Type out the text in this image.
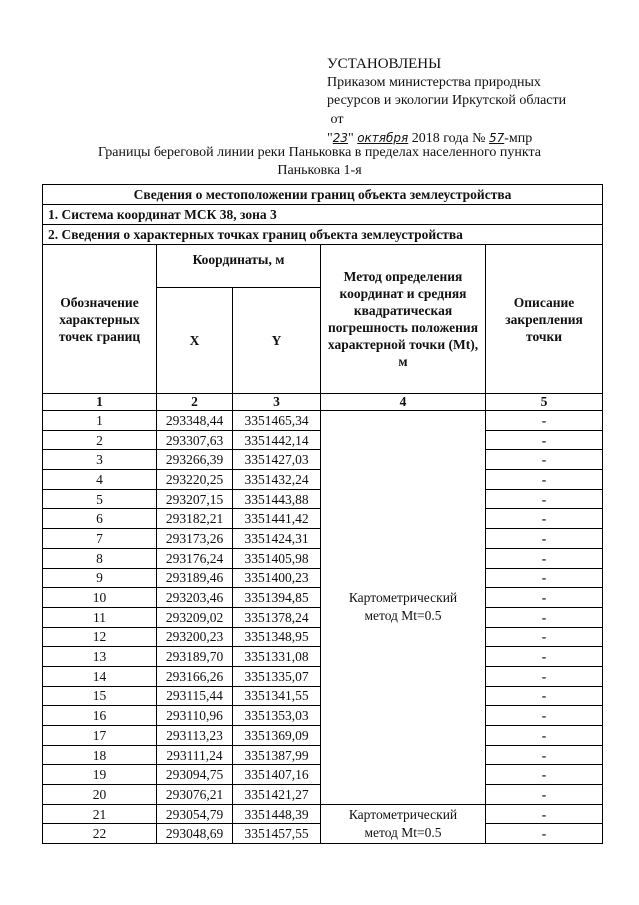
УСТАНОВЛЕНЫ
Приказом министерства природных
ресурсов и экологии Иркутской области
от
"23" октября 2018 года № 57-мпр
Границы береговой линии реки Паньковка в пределах населенного пункта
Паньковка 1-я
Сведения о местоположении границ объекта землеустройства				
1. Система координат МСК 38, зона 3				
2. Сведения о характерных точках границ объекта землеустройства				
Обозначение характерных точек границ	Координаты, м		Метод определения координат и средняя квадратическая погрешность положения характерной точки (Mt), м	Описание закрепления точки
	X	Y		
1	2	3	4	5
1	293348,44	3351465,34	Картометрический метод Mt=0.5	-
2	293307,63	3351442,14		-
3	293266,39	3351427,03		-
4	293220,25	3351432,24		-
5	293207,15	3351443,88		-
6	293182,21	3351441,42		-
7	293173,26	3351424,31		-
8	293176,24	3351405,98		-
9	293189,46	3351400,23		-
10	293203,46	3351394,85		-
11	293209,02	3351378,24		-
12	293200,23	3351348,95		-
13	293189,70	3351331,08		-
14	293166,26	3351335,07		-
15	293115,44	3351341,55		-
16	293110,96	3351353,03		-
17	293113,23	3351369,09		-
18	293111,24	3351387,99		-
19	293094,75	3351407,16		-
20	293076,21	3351421,27		-
21	293054,79	3351448,39	Картометрический метод Mt=0.5	-
22	293048,69	3351457,55		-
